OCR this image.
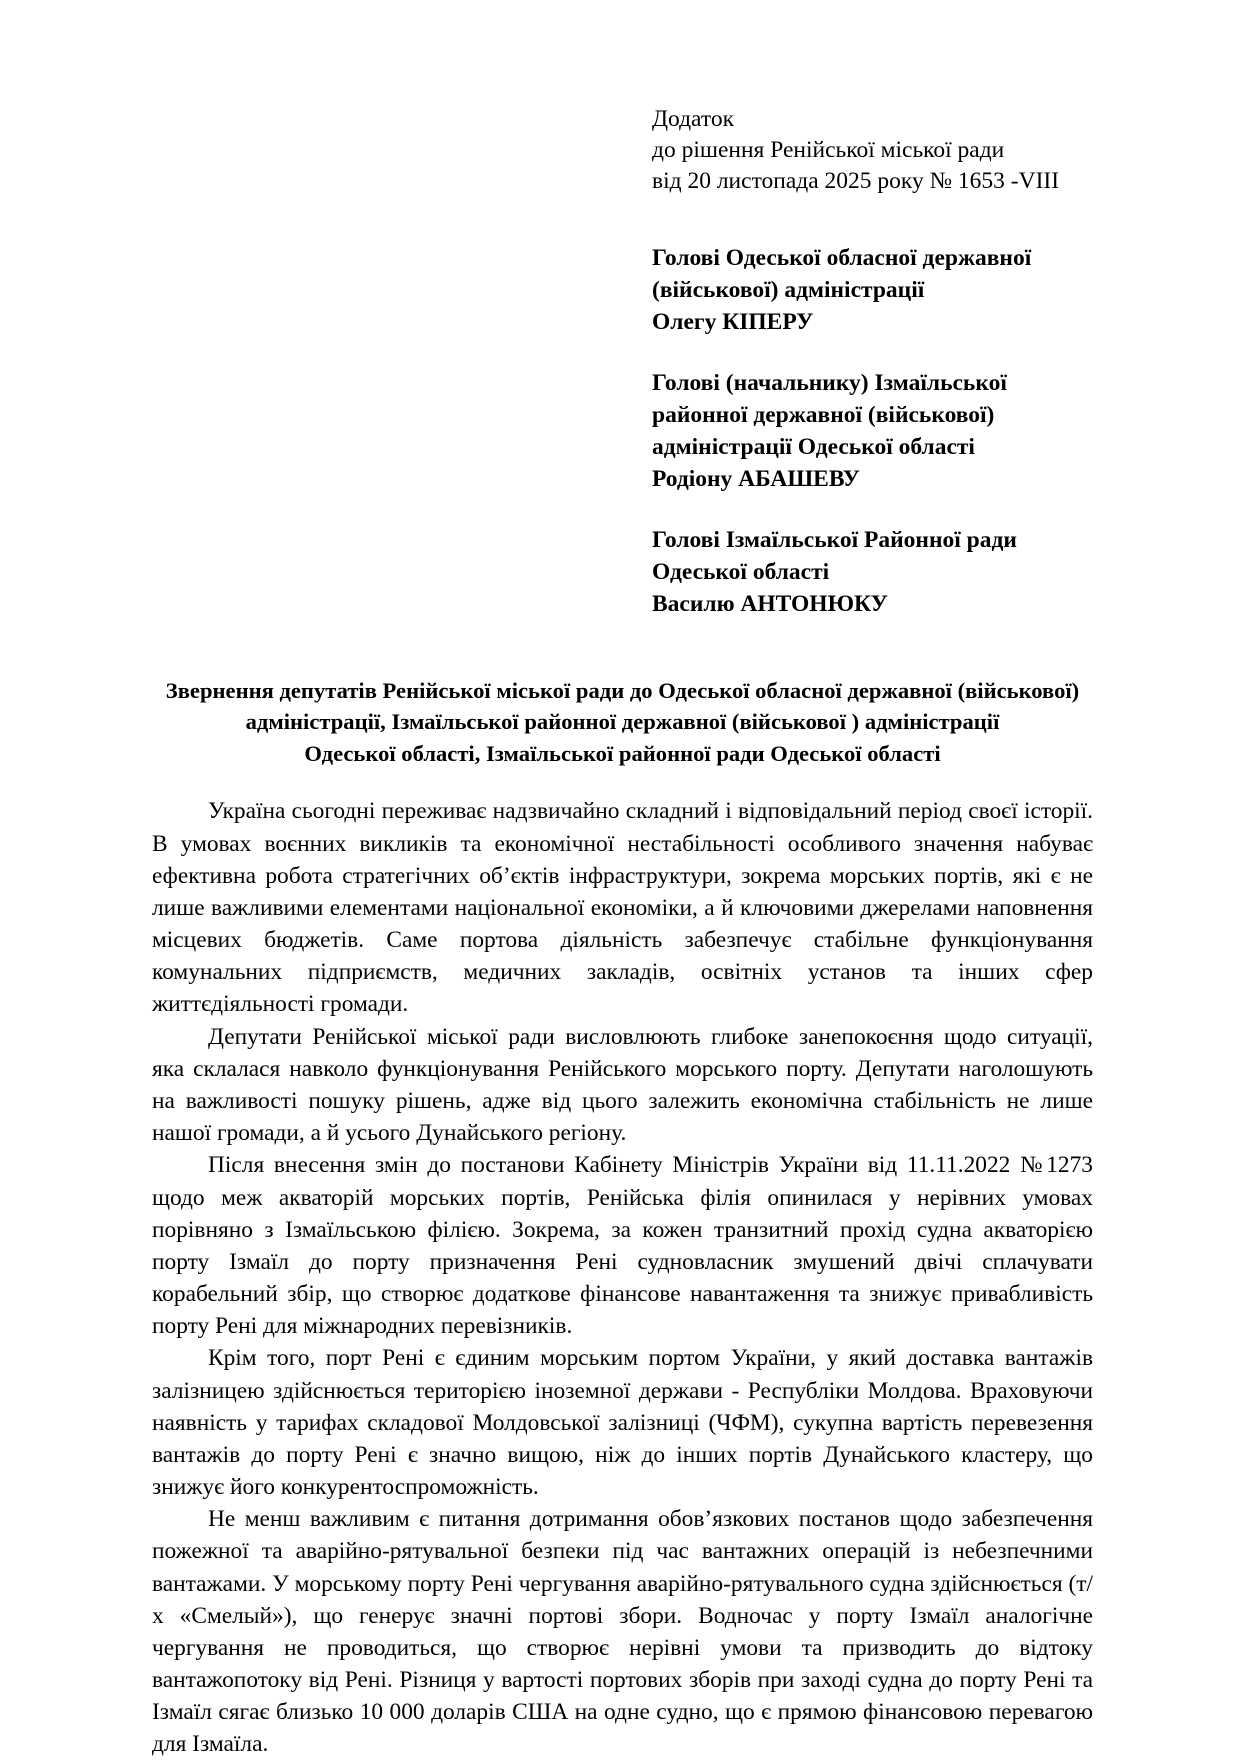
Додаток
до рішення Ренійської міської ради
від 20 листопада 2025 року № 1653 -VIII
Голові Одеської обласної державної
(військової) адміністрації
Олегу КІПЕРУ
Голові (начальнику) Ізмаїльської
районної державної (військової)
адміністрації Одеської області
Родіону АБАШЕВУ
Голові Ізмаїльської Районної ради
Одеської області
Василю АНТОНЮКУ
Звернення депутатів Ренійської міської ради до Одеської обласної державної (військової)
адміністрації, Ізмаїльської районної державної (військової ) адміністрації
Одеської області, Ізмаїльської районної ради Одеської області

Україна сьогодні переживає надзвичайно складний і відповідальний період своєї історії. В умовах воєнних викликів та економічної нестабільності особливого значення набуває ефективна робота стратегічних об’єктів інфраструктури, зокрема морських портів, які є не лише важливими елементами національної економіки, а й ключовими джерелами наповнення місцевих бюджетів. Саме портова діяльність забезпечує стабільне функціонування комунальних підприємств, медичних закладів, освітніх установ та інших сфер життєдіяльності громади.

Депутати Ренійської міської ради висловлюють глибоке занепокоєння щодо ситуації, яка склалася навколо функціонування Ренійського морського порту. Депутати наголошують на важливості пошуку рішень, адже від цього залежить економічна стабільність не лише нашої громади, а й усього Дунайського регіону.

Після внесення змін до постанови Кабінету Міністрів України від 11.11.2022 №1273 щодо меж акваторій морських портів, Ренійська філія опинилася у нерівних умовах порівняно з Ізмаїльською філією. Зокрема, за кожен транзитний прохід судна акваторією порту Ізмаїл до порту призначення Рені судновласник змушений двічі сплачувати корабельний збір, що створює додаткове фінансове навантаження та знижує привабливість порту Рені для міжнародних перевізників.

Крім того, порт Рені є єдиним морським портом України, у який доставка вантажів залізницею здійснюється територією іноземної держави - Республіки Молдова. Враховуючи наявність у тарифах складової Молдовської залізниці (ЧФМ), сукупна вартість перевезення вантажів до порту Рені є значно вищою, ніж до інших портів Дунайського кластеру, що знижує його конкурентоспроможність.

Не менш важливим є питання дотримання обов’язкових постанов щодо забезпечення пожежної та аварійно-рятувальної безпеки під час вантажних операцій із небезпечними вантажами. У морському порту Рені чергування аварійно-рятувального судна здійснюється (т/х «Смелый»), що генерує значні портові збори. Водночас у порту Ізмаїл аналогічне чергування не проводиться, що створює нерівні умови та призводить до відтоку вантажопотоку від Рені. Різниця у вартості портових зборів при заході судна до порту Рені та Ізмаїл сягає близько 10 000 доларів США на одне судно, що є прямою фінансовою перевагою для Ізмаїла.
